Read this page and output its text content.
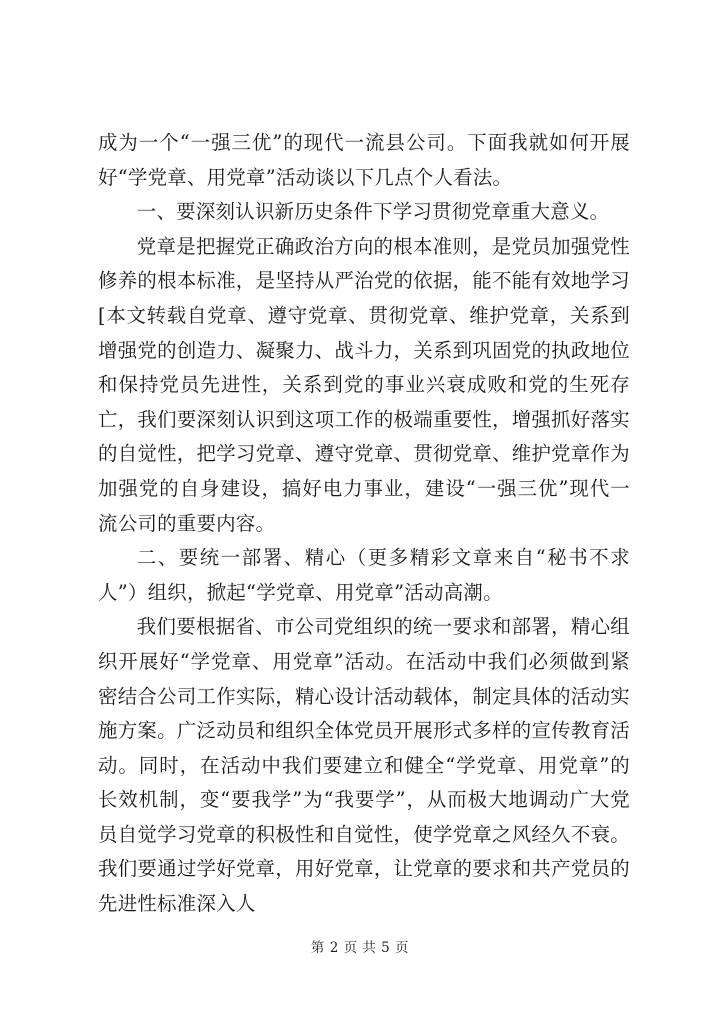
成为一个“一强三优”的现代一流县公司。下面我就如何开展好“学党章、用党章”活动谈以下几点个人看法。

一、要深刻认识新历史条件下学习贯彻党章重大意义。

党章是把握党正确政治方向的根本准则，是党员加强党性修养的根本标准，是坚持从严治党的依据，能不能有效地学习[本文转载自党章、遵守党章、贯彻党章、维护党章，关系到增强党的创造力、凝聚力、战斗力，关系到巩固党的执政地位和保持党员先进性，关系到党的事业兴衰成败和党的生死存亡，我们要深刻认识到这项工作的极端重要性，增强抓好落实的自觉性，把学习党章、遵守党章、贯彻党章、维护党章作为加强党的自身建设，搞好电力事业，建设“一强三优”现代一流公司的重要内容。

二、要统一部署、精心（更多精彩文章来自“秘书不求人”）组织，掀起“学党章、用党章”活动高潮。

我们要根据省、市公司党组织的统一要求和部署，精心组织开展好“学党章、用党章”活动。在活动中我们必须做到紧密结合公司工作实际，精心设计活动载体，制定具体的活动实施方案。广泛动员和组织全体党员开展形式多样的宣传教育活动。同时，在活动中我们要建立和健全“学党章、用党章”的长效机制，变“要我学”为“我要学”，从而极大地调动广大党员自觉学习党章的积极性和自觉性，使学党章之风经久不衰。我们要通过学好党章，用好党章，让党章的要求和共产党员的先进性标准深入人

第 2 页 共 5 页
